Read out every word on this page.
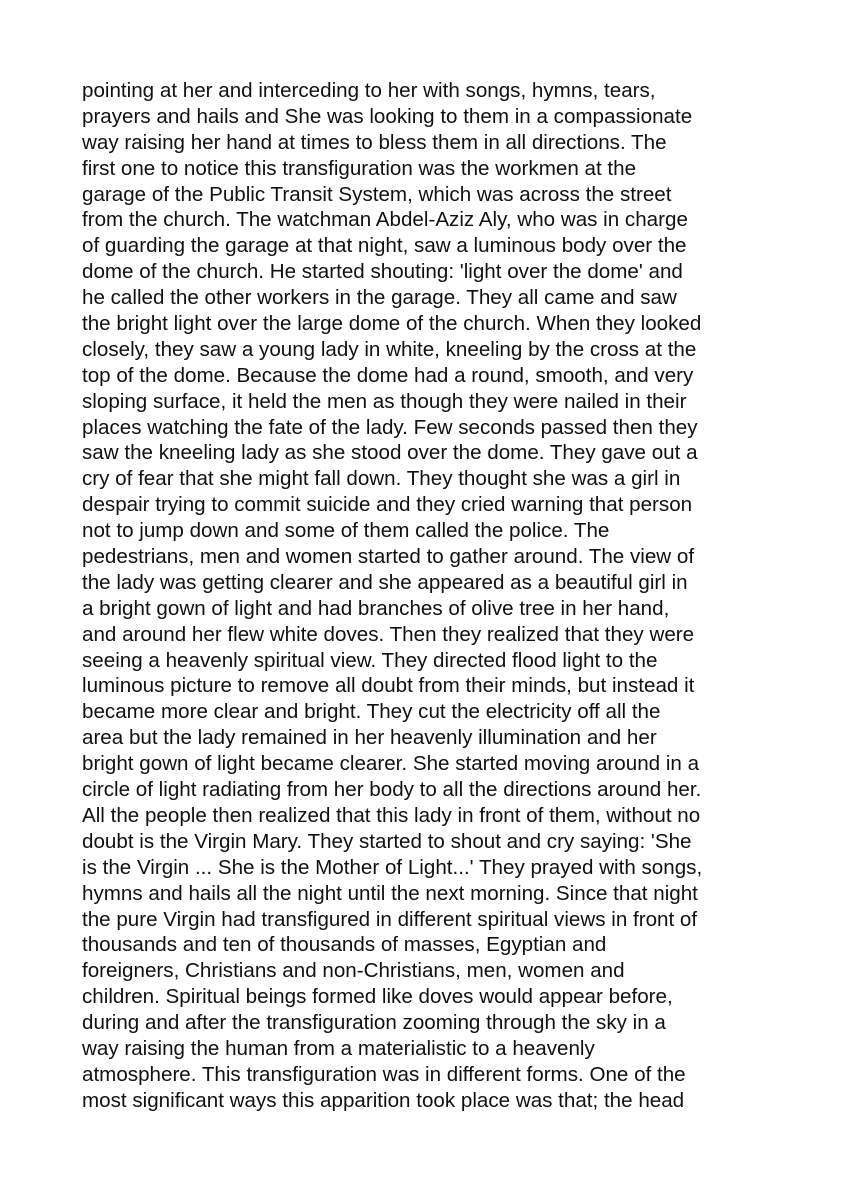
pointing at her and interceding to her with songs, hymns, tears,
prayers and hails and She was looking to them in a compassionate
way raising her hand at times to bless them in all directions. The
first one to notice this transfiguration was the workmen at the
garage of the Public Transit System, which was across the street
from the church. The watchman Abdel-Aziz Aly, who was in charge
of guarding the garage at that night, saw a luminous body over the
dome of the church. He started shouting: 'light over the dome' and
he called the other workers in the garage. They all came and saw
the bright light over the large dome of the church. When they looked
closely, they saw a young lady in white, kneeling by the cross at the
top of the dome. Because the dome had a round, smooth, and very
sloping surface, it held the men as though they were nailed in their
places watching the fate of the lady. Few seconds passed then they
saw the kneeling lady as she stood over the dome. They gave out a
cry of fear that she might fall down. They thought she was a girl in
despair trying to commit suicide and they cried warning that person
not to jump down and some of them called the police. The
pedestrians, men and women started to gather around. The view of
the lady was getting clearer and she appeared as a beautiful girl in
a bright gown of light and had branches of olive tree in her hand,
and around her flew white doves. Then they realized that they were
seeing a heavenly spiritual view. They directed flood light to the
luminous picture to remove all doubt from their minds, but instead it
became more clear and bright. They cut the electricity off all the
area but the lady remained in her heavenly illumination and her
bright gown of light became clearer. She started moving around in a
circle of light radiating from her body to all the directions around her.
All the people then realized that this lady in front of them, without no
doubt is the Virgin Mary. They started to shout and cry saying: 'She
is the Virgin ... She is the Mother of Light...' They prayed with songs,
hymns and hails all the night until the next morning. Since that night
the pure Virgin had transfigured in different spiritual views in front of
thousands and ten of thousands of masses, Egyptian and
foreigners, Christians and non-Christians, men, women and
children. Spiritual beings formed like doves would appear before,
during and after the transfiguration zooming through the sky in a
way raising the human from a materialistic to a heavenly
atmosphere. This transfiguration was in different forms. One of the
most significant ways this apparition took place was that; the head
